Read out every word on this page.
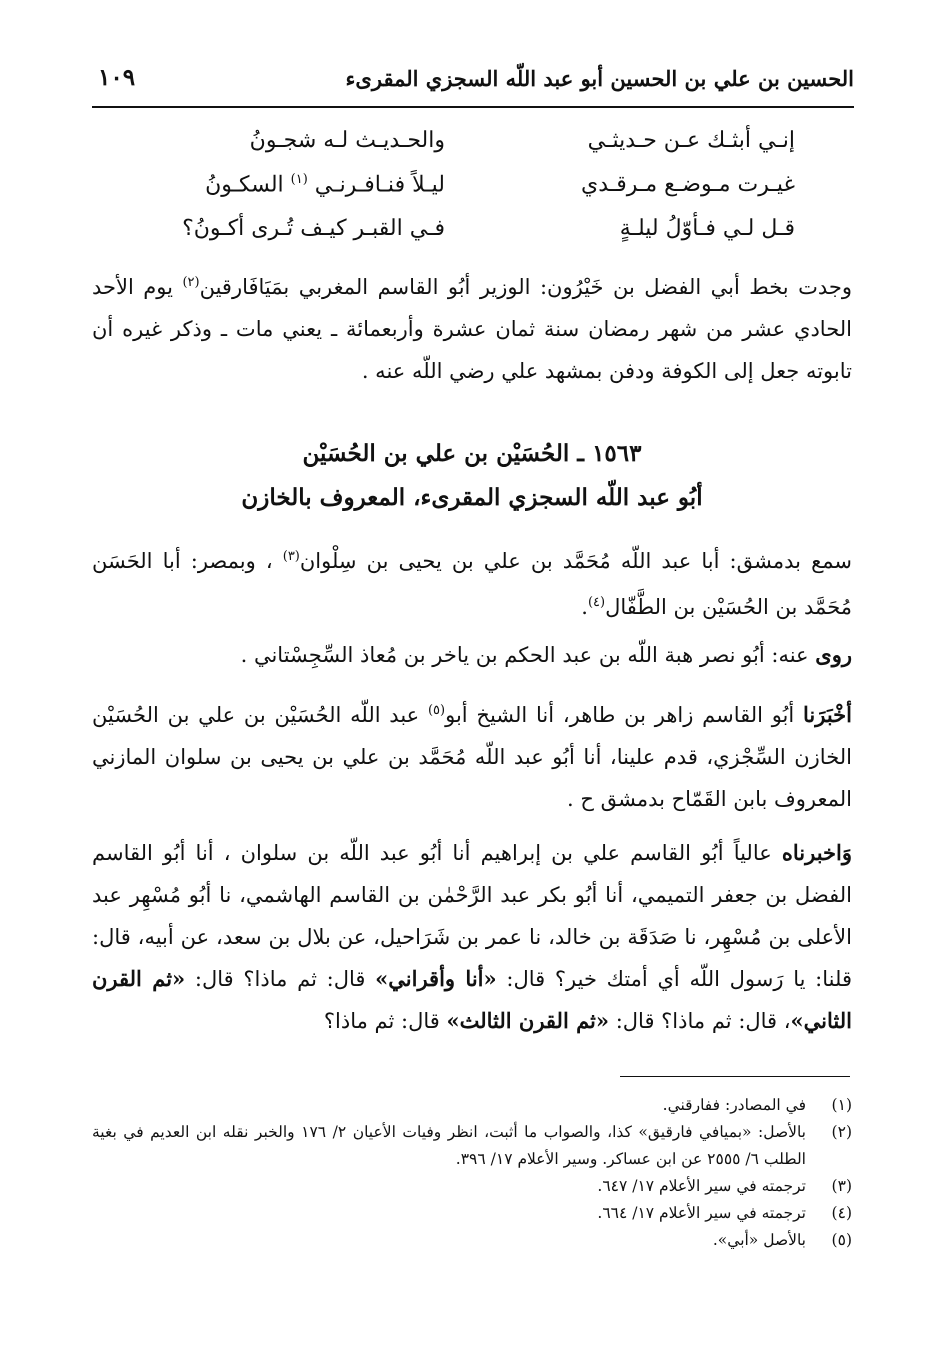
الحسين بن علي بن الحسين أبو عبد اللّه السجزي المقرىء
١٠٩
إنـي أبثـك عـن حـديثـي
والحـديـث لـه شجـونُ
غيـرت مـوضـع مـرقـدي
ليـلاً فنـافـرنـي $^{(١)}$ السكـونُ
قـل لـي فـأوّلُ ليلـةٍ
فـي القبـر كيـف تُـرى أكـونُ؟

وجدت بخط أبي الفضل بن خَيْرُون: الوزير أبُو القاسم المغربي بمَيَافَارقين$^{(٢)}$ يوم الأحد الحادي عشر من شهر رمضان سنة ثمان عشرة وأربعمائة ـ يعني مات ـ وذكر غيره أن تابوته جعل إلى الكوفة ودفن بمشهد علي رضي اللّه عنه .

١٥٦٣ ـ الحُسَيْن بن علي بن الحُسَيْن
أبُو عبد اللّه السجزي المقرىء، المعروف بالخازن

سمع بدمشق: أبا عبد اللّه مُحَمَّد بن علي بن يحيى بن سِلْوان$^{(٣)}$ ، وبمصر: أبا الحَسَن مُحَمَّد بن الحُسَيْن بن الطَّفّال$^{(٤)}$.

روى عنه: أبُو نصر هبة اللّه بن عبد الحكم بن ياخر بن مُعاذ السِّجِسْتاني .

أخْبَرَنا أبُو القاسم زاهر بن طاهر، أنا الشيخ أبو$^{(٥)}$ عبد اللّه الحُسَيْن بن علي بن الحُسَيْن الخازن السِّجْزي، قدم علينا، أنا أبُو عبد اللّه مُحَمَّد بن علي بن يحيى بن سلوان المازني المعروف بابن القَمّاح بدمشق ح .

وَاخبرناه عالياً أبُو القاسم علي بن إبراهيم أنا أبُو عبد اللّه بن سلوان ، أنا أبُو القاسم الفضل بن جعفر التميمي، أنا أبُو بكر عبد الرَّحْمٰن بن القاسم الهاشمي، نا أبُو مُسْهِر عبد الأعلى بن مُسْهِر، نا صَدَقَة بن خالد، نا عمر بن شَرَاحيل، عن بلال بن سعد، عن أبيه، قال: قلنا: يا رَسول اللّه أي أمتك خير؟ قال: «أنا وأقراني» قال: ثم ماذا؟ قال: «ثم القرن الثاني»، قال: ثم ماذا؟ قال: «ثم القرن الثالث» قال: ثم ماذا؟

(١)
في المصادر: ففارقني.
(٢)
بالأصل: «بميافي فارقيق» كذا، والصواب ما أثبت، انظر وفيات الأعيان ٢/ ١٧٦ والخبر نقله ابن العديم في بغية الطلب ٦/ ٢٥٥٥ عن ابن عساكر. وسير الأعلام ١٧/ ٣٩٦.
(٣)
ترجمته في سير الأعلام ١٧/ ٦٤٧.
(٤)
ترجمته في سير الأعلام ١٧/ ٦٦٤.
(٥)
بالأصل «أبي».
